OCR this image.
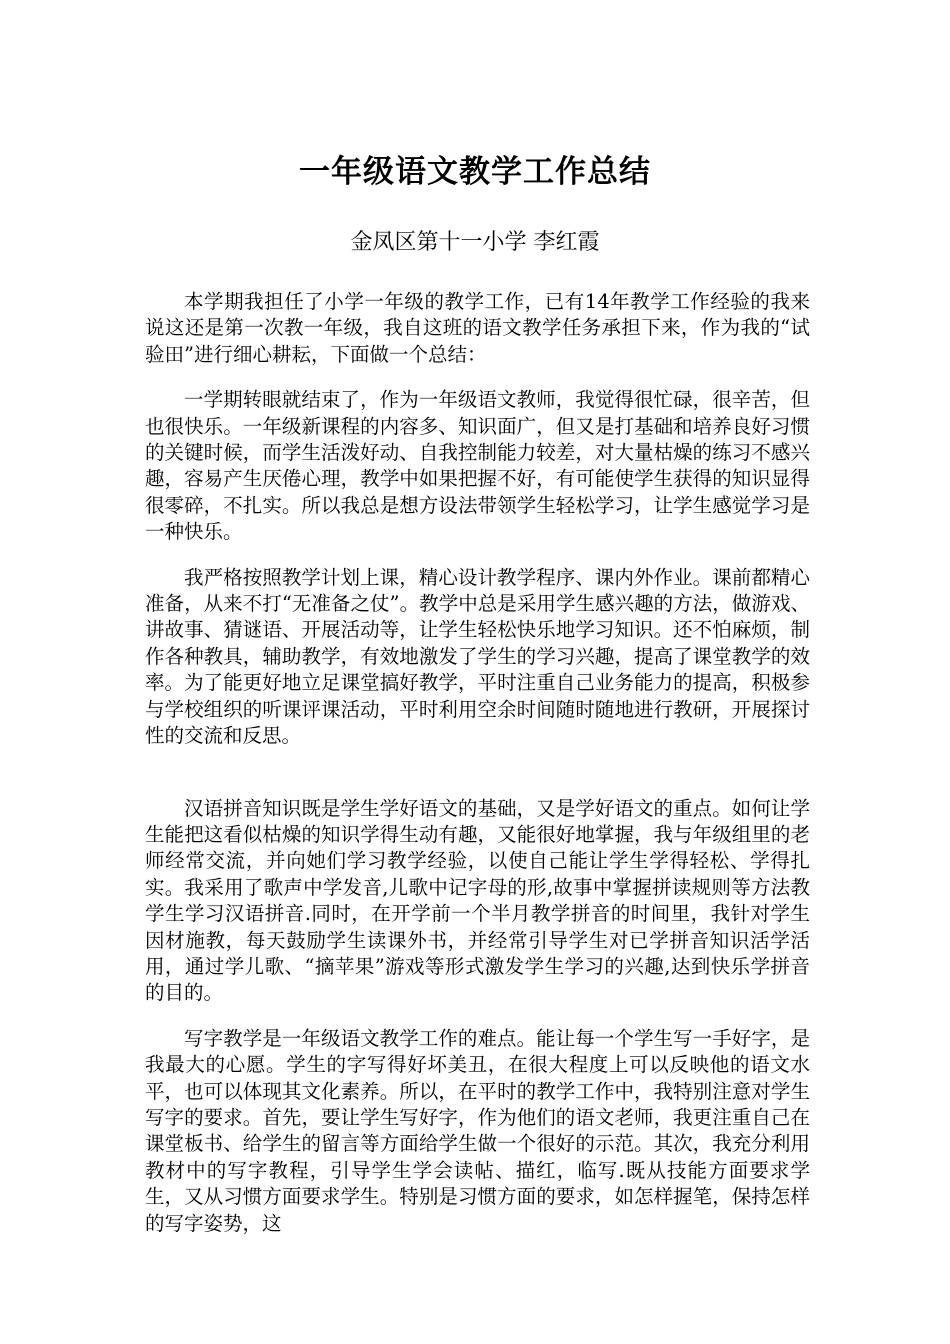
一年级语文教学工作总结

金凤区第十一小学 李红霞

本学期我担任了小学一年级的教学工作，已有14年教学工作经验的我来说这还是第一次教一年级，我自这班的语文教学任务承担下来，作为我的“试验田”进行细心耕耘，下面做一个总结：

一学期转眼就结束了，作为一年级语文教师，我觉得很忙碌，很辛苦，但也很快乐。一年级新课程的内容多、知识面广，但又是打基础和培养良好习惯的关键时候，而学生活泼好动、自我控制能力较差，对大量枯燥的练习不感兴趣，容易产生厌倦心理，教学中如果把握不好，有可能使学生获得的知识显得很零碎，不扎实。所以我总是想方设法带领学生轻松学习，让学生感觉学习是一种快乐。

我严格按照教学计划上课，精心设计教学程序、课内外作业。课前都精心准备，从来不打“无准备之仗”。教学中总是采用学生感兴趣的方法，做游戏、讲故事、猜谜语、开展活动等，让学生轻松快乐地学习知识。还不怕麻烦，制作各种教具，辅助教学，有效地激发了学生的学习兴趣，提高了课堂教学的效率。为了能更好地立足课堂搞好教学，平时注重自己业务能力的提高，积极参与学校组织的听课评课活动，平时利用空余时间随时随地进行教研，开展探讨性的交流和反思。

汉语拼音知识既是学生学好语文的基础，又是学好语文的重点。如何让学生能把这看似枯燥的知识学得生动有趣，又能很好地掌握，我与年级组里的老师经常交流，并向她们学习教学经验，以使自己能让学生学得轻松、学得扎实。我采用了歌声中学发音,儿歌中记字母的形,故事中掌握拼读规则等方法教学生学习汉语拼音.同时，在开学前一个半月教学拼音的时间里，我针对学生因材施教，每天鼓励学生读课外书，并经常引导学生对已学拼音知识活学活用，通过学儿歌、“摘苹果”游戏等形式激发学生学习的兴趣,达到快乐学拼音的目的。

写字教学是一年级语文教学工作的难点。能让每一个学生写一手好字，是我最大的心愿。学生的字写得好坏美丑，在很大程度上可以反映他的语文水平，也可以体现其文化素养。所以，在平时的教学工作中，我特别注意对学生写字的要求。首先，要让学生写好字，作为他们的语文老师，我更注重自己在课堂板书、给学生的留言等方面给学生做一个很好的示范。其次，我充分利用教材中的写字教程，引导学生学会读帖、描红，临写.既从技能方面要求学生，又从习惯方面要求学生。特别是习惯方面的要求，如怎样握笔，保持怎样的写字姿势，这
